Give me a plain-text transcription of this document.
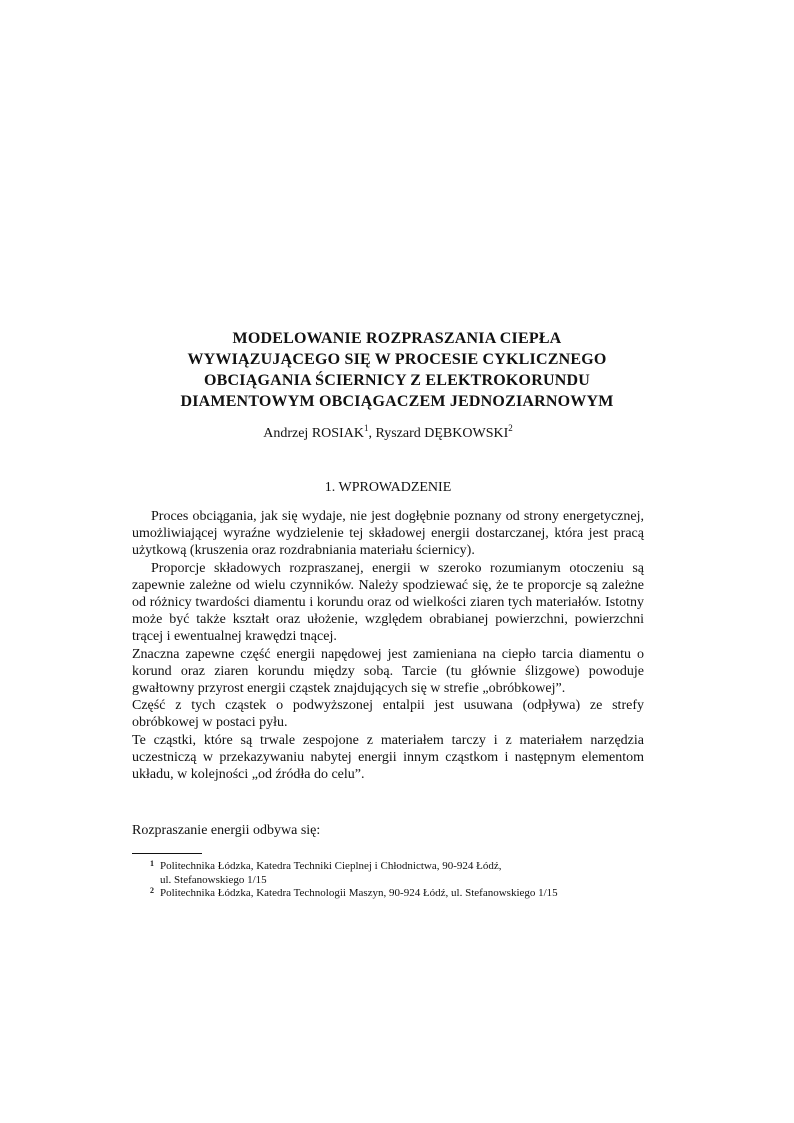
MODELOWANIE ROZPRASZANIA CIEPŁA
WYWIĄZUJĄCEGO SIĘ W PROCESIE CYKLICZNEGO
OBCIĄGANIA ŚCIERNICY Z ELEKTROKORUNDU
DIAMENTOWYM OBCIĄGACZEM JEDNOZIARNOWYM
Andrzej ROSIAK$^1$, Ryszard DĘBKOWSKI$^2$
1. WPROWADZENIE

Proces obciągania, jak się wydaje, nie jest dogłębnie poznany od strony energetycznej, umożliwiającej wyraźne wydzielenie tej składowej energii dostarczanej, która jest pracą użytkową (kruszenia oraz rozdrabniania materiału ściernicy).

Proporcje składowych rozpraszanej, energii w szeroko rozumianym otoczeniu są zapewnie zależne od wielu czynników. Należy spodziewać się, że te proporcje są zależne od różnicy twardości diamentu i korundu oraz od wielkości ziaren tych materiałów. Istotny może być także kształt oraz ułożenie, względem obrabianej powierzchni, powierzchni trącej i ewentualnej krawędzi tnącej.

Znaczna zapewne część energii napędowej jest zamieniana na ciepło tarcia diamentu o korund oraz ziaren korundu między sobą. Tarcie (tu głównie ślizgowe) powoduje gwałtowny przyrost energii cząstek znajdujących się w strefie „obróbkowej”.

Część z tych cząstek o podwyższonej entalpii jest usuwana (odpływa) ze strefy obróbkowej w postaci pyłu.

Te cząstki, które są trwale zespojone z materiałem tarczy i z materiałem narzędzia uczestniczą w przekazywaniu nabytej energii innym cząstkom i następnym elementom układu, w kolejności „od źródła do celu”.

Rozpraszanie energii odbywa się:
1 Politechnika Łódzka, Katedra Techniki Cieplnej i Chłodnictwa, 90-924 Łódź,
ul. Stefanowskiego 1/15
2 Politechnika Łódzka, Katedra Technologii Maszyn, 90-924 Łódź, ul. Stefanowskiego 1/15
